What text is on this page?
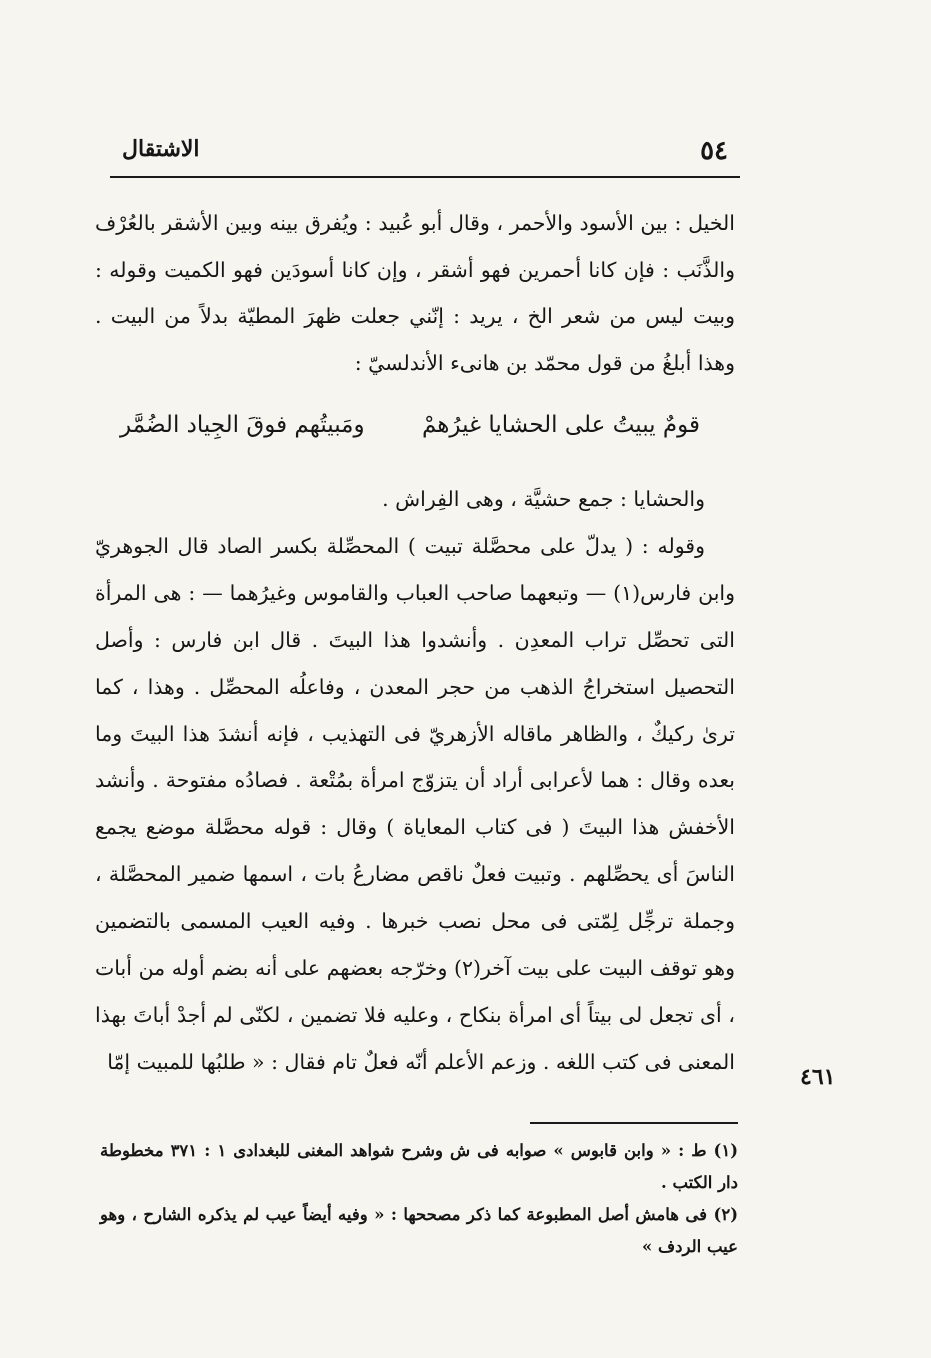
٥٤
الاشتقال

الخيل : بين الأسود والأحمر ، وقال أبو عُبيد : ويُفرق بينه وبين الأشقر بالعُرْف والذَّنَب : فإن كانا أحمرين فهو أشقر ، وإن كانا أسودَين فهو الكميت وقوله : وبيت ليس من شعر الخ ، يريد : إنّني جعلت ظهرَ المطيّة بدلاً من البيت . وهذا أبلغُ من قول محمّد بن هانىء الأندلسيّ :

قومٌ يبيتُ على الحشايا غيرُهمْ
ومَبيتُهم فوقَ الجِياد الضُمَّر

والحشايا : جمع حشيَّة ، وهى الفِراش .

وقوله : ( يدلّ على محصَّلة تبيت ) المحصِّلة بكسر الصاد قال الجوهريّ وابن فارس(١) — وتبعهما صاحب العباب والقاموس وغيرُهما — : هى المرأة التى تحصِّل تراب المعدِن . وأنشدوا هذا البيتَ . قال ابن فارس : وأصل التحصيل استخراجُ الذهب من حجر المعدن ، وفاعلُه المحصِّل . وهذا ، كما ترىٰ ركيكٌ ، والظاهر ماقاله الأزهريّ فى التهذيب ، فإنه أنشدَ هذا البيتَ وما بعده وقال : هما لأعرابى أراد أن يتزوّج امرأة بمُتْعة . فصادُه مفتوحة . وأنشد الأخفش هذا البيتَ ( فى كتاب المعاياة ) وقال : قوله محصَّلة موضع يجمع الناسَ أى يحصِّلهم . وتبيت فعلٌ ناقص مضارعُ بات ، اسمها ضمير المحصَّلة ، وجملة ترجِّل لِمّتى فى محل نصب خبرها . وفيه العيب المسمى بالتضمين وهو توقف البيت على بيت آخر(٢) وخرّجه بعضهم على أنه بضم أوله من أبات ، أى تجعل لى بيتاً أى امرأة بنكاح ، وعليه فلا تضمين ، لكنّى لم أجدْ أباتَ بهذا المعنى فى كتب اللغه . وزعم الأعلم أنّه فعلٌ تام فقال : « طلبُها للمبيت إمّا

٤٦١

(١) ط : « وابن قابوس » صوابه فى ش وشرح شواهد المغنى للبغدادى ١ : ٣٧١ مخطوطة دار الكتب .

(٢) فى هامش أصل المطبوعة كما ذكر مصححها : « وفيه أيضاً عيب لم يذكره الشارح ، وهو عيب الردف »
